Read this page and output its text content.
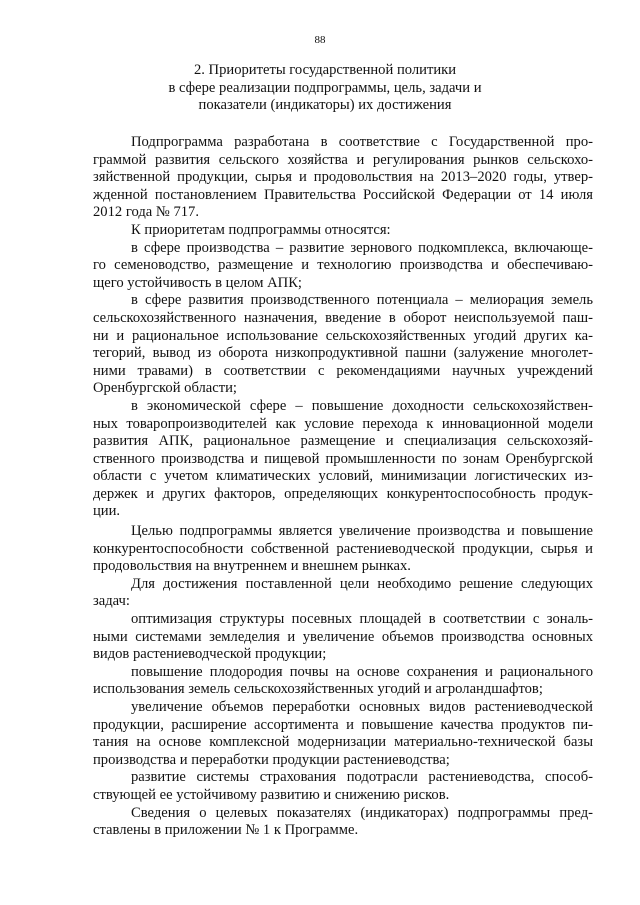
88
2. Приоритеты государственной политики
в сфере реализации подпрограммы, цель, задачи и
показатели (индикаторы) их достижения
Подпрограмма разработана в соответствие с Государственной про-
граммой развития сельского хозяйства и регулирования рынков сельскохо-
зяйственной продукции, сырья и продовольствия на 2013–2020 годы, утвер-
жденной постановлением Правительства Российской Федерации от 14 июля
2012 года № 717.
К приоритетам подпрограммы относятся:
в сфере производства – развитие зернового подкомплекса, включающе-
го семеноводство, размещение и технологию производства и обеспечиваю-
щего устойчивость в целом АПК;
в сфере развития производственного потенциала – мелиорация земель
сельскохозяйственного назначения, введение в оборот неиспользуемой паш-
ни и рациональное использование сельскохозяйственных угодий других ка-
тегорий, вывод из оборота низкопродуктивной пашни (залужение многолет-
ними травами) в соответствии с рекомендациями научных учреждений
Оренбургской области;
в экономической сфере – повышение доходности сельскохозяйствен-
ных товаропроизводителей как условие перехода к инновационной модели
развития АПК, рациональное размещение и специализация сельскохозяй-
ственного производства и пищевой промышленности по зонам Оренбургской
области с учетом климатических условий, минимизации логистических из-
держек и других факторов, определяющих конкурентоспособность продук-
ции.
Целью подпрограммы является увеличение производства и повышение
конкурентоспособности собственной растениеводческой продукции, сырья и
продовольствия на внутреннем и внешнем рынках.
Для достижения поставленной цели необходимо решение следующих
задач:
оптимизация структуры посевных площадей в соответствии с зональ-
ными системами земледелия и увеличение объемов производства основных
видов растениеводческой продукции;
повышение плодородия почвы на основе сохранения и рационального
использования земель сельскохозяйственных угодий и агроландшафтов;
увеличение объемов переработки основных видов растениеводческой
продукции, расширение ассортимента и повышение качества продуктов пи-
тания на основе комплексной модернизации материально-технической базы
производства и переработки продукции растениеводства;
развитие системы страхования подотрасли растениеводства, способ-
ствующей ее устойчивому развитию и снижению рисков.
Сведения о целевых показателях (индикаторах) подпрограммы пред-
ставлены в приложении № 1 к Программе.
